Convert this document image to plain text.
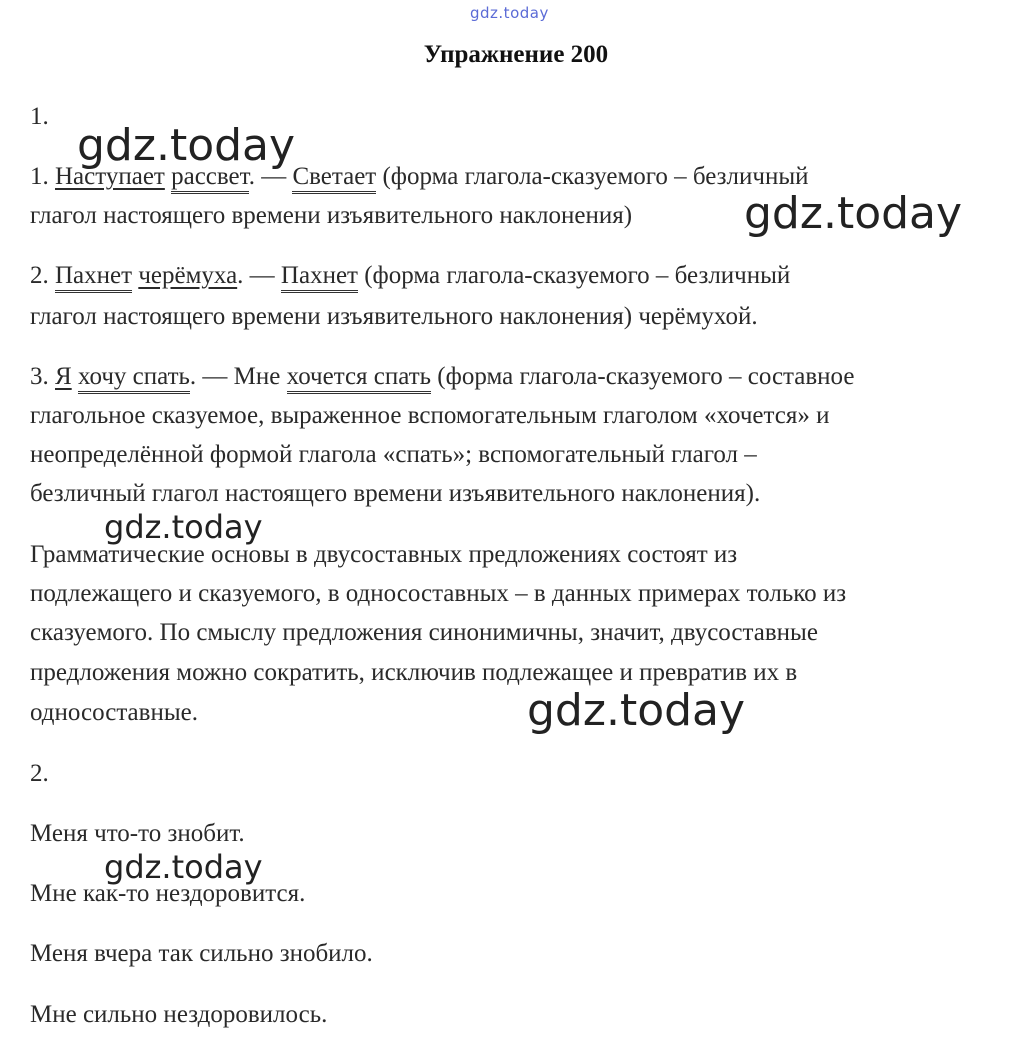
gdz.today
Упражнение 200
1.
1. Наступает рассвет. — Светает (форма глагола-сказуемого – безличный
глагол настоящего времени изъявительного наклонения)
2. Пахнет черёмуха. — Пахнет (форма глагола-сказуемого – безличный
глагол настоящего времени изъявительного наклонения) черёмухой.
3. Я хочу спать. — Мне хочется спать (форма глагола-сказуемого – составное
глагольное сказуемое, выраженное вспомогательным глаголом «хочется» и
неопределённой формой глагола «спать»; вспомогательный глагол –
безличный глагол настоящего времени изъявительного наклонения).
Грамматические основы в двусоставных предложениях состоят из
подлежащего и сказуемого, в односоставных – в данных примерах только из
сказуемого. По смыслу предложения синонимичны, значит, двусоставные
предложения можно сократить, исключив подлежащее и превратив их в
односоставные.
2.
Меня что-то знобит.
Мне как-то нездоровится.
Меня вчера так сильно знобило.
Мне сильно нездоровилось.
gdz.today
gdz.today
gdz.today
gdz.today
gdz.today
